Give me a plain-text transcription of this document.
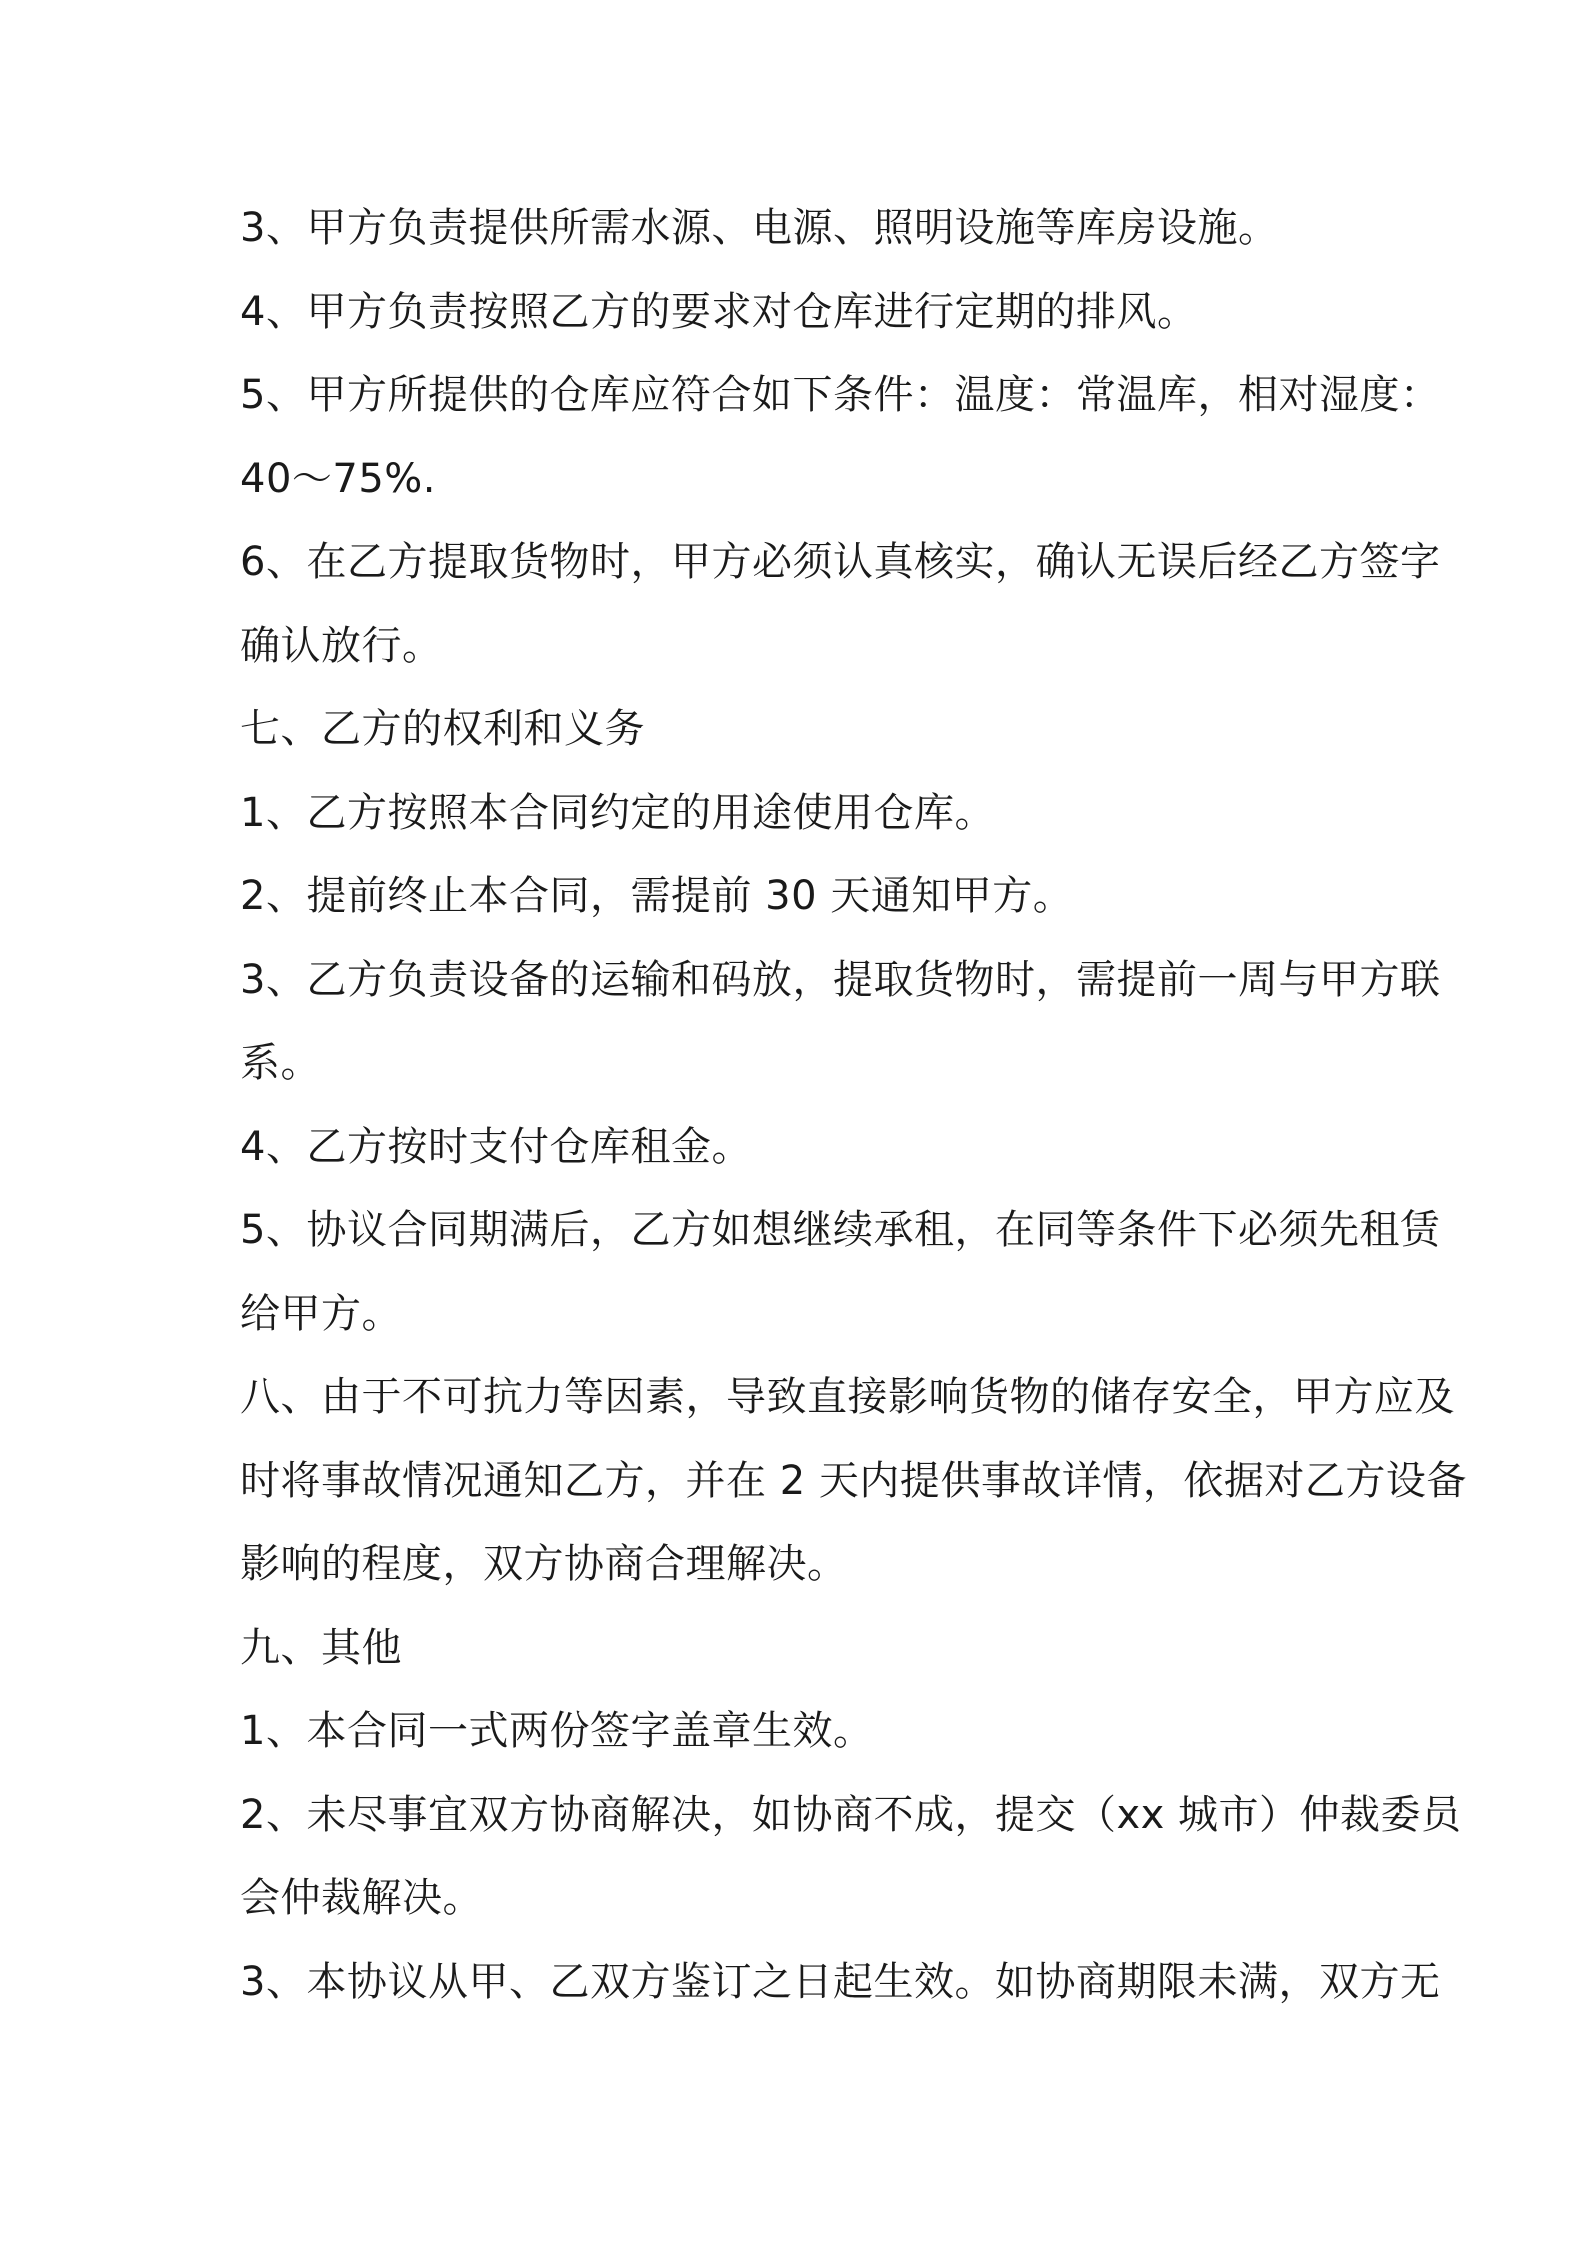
3、甲方负责提供所需水源、电源、照明设施等库房设施。
4、甲方负责按照乙方的要求对仓库进行定期的排风。
5、甲方所提供的仓库应符合如下条件：温度：常温库，相对湿度：
40～75%.
6、在乙方提取货物时，甲方必须认真核实，确认无误后经乙方签字
确认放行。
七、乙方的权利和义务
1、乙方按照本合同约定的用途使用仓库。
2、提前终止本合同，需提前 30 天通知甲方。
3、乙方负责设备的运输和码放，提取货物时，需提前一周与甲方联
系。
4、乙方按时支付仓库租金。
5、协议合同期满后，乙方如想继续承租，在同等条件下必须先租赁
给甲方。
八、由于不可抗力等因素，导致直接影响货物的储存安全，甲方应及
时将事故情况通知乙方，并在 2 天内提供事故详情，依据对乙方设备
影响的程度，双方协商合理解决。
九、其他
1、本合同一式两份签字盖章生效。
2、未尽事宜双方协商解决，如协商不成，提交（xx 城市）仲裁委员
会仲裁解决。
3、本协议从甲、乙双方鉴订之日起生效。如协商期限未满，双方无
